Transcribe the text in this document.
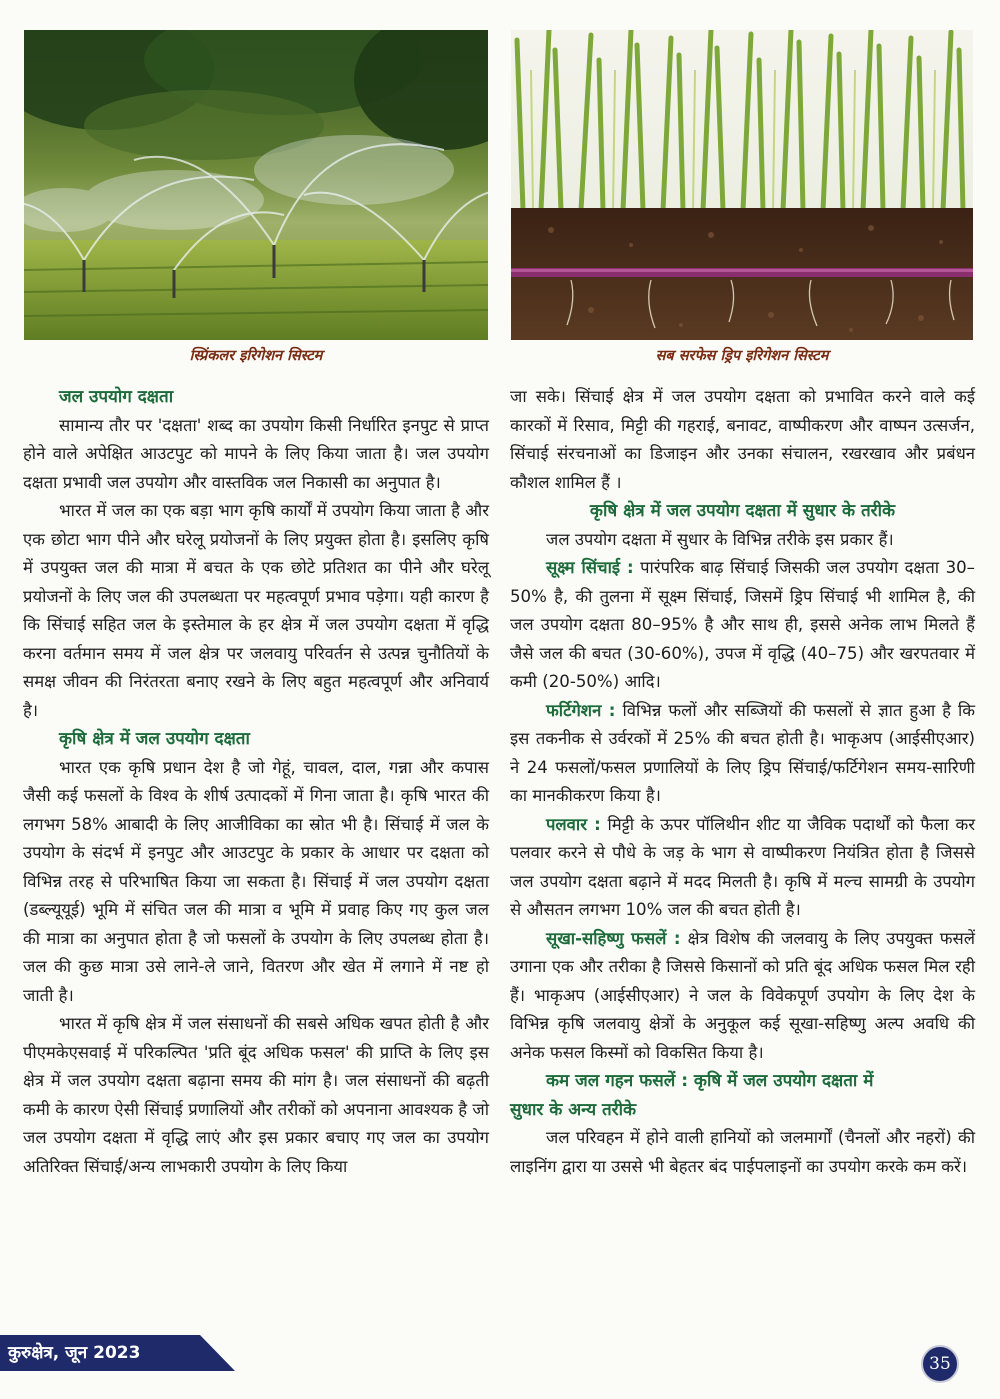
स्प्रिंकलर इरिगेशन सिस्टम	सब सरफेस ड्रिप इरिगेशन सिस्टम
जल उपयोग दक्षता

सामान्य तौर पर 'दक्षता' शब्द का उपयोग किसी निर्धारित इनपुट से प्राप्त होने वाले अपेक्षित आउटपुट को मापने के लिए किया जाता है। जल उपयोग दक्षता प्रभावी जल उपयोग और वास्तविक जल निकासी का अनुपात है।

भारत में जल का एक बड़ा भाग कृषि कार्यों में उपयोग किया जाता है और एक छोटा भाग पीने और घरेलू प्रयोजनों के लिए प्रयुक्त होता है। इसलिए कृषि में उपयुक्त जल की मात्रा में बचत के एक छोटे प्रतिशत का पीने और घरेलू प्रयोजनों के लिए जल की उपलब्धता पर महत्वपूर्ण प्रभाव पड़ेगा। यही कारण है कि सिंचाई सहित जल के इस्तेमाल के हर क्षेत्र में जल उपयोग दक्षता में वृद्धि करना वर्तमान समय में जल क्षेत्र पर जलवायु परिवर्तन से उत्पन्न चुनौतियों के समक्ष जीवन की निरंतरता बनाए रखने के लिए बहुत महत्वपूर्ण और अनिवार्य है।

कृषि क्षेत्र में जल उपयोग दक्षता

भारत एक कृषि प्रधान देश है जो गेहूं, चावल, दाल, गन्ना और कपास जैसी कई फसलों के विश्व के शीर्ष उत्पादकों में गिना जाता है। कृषि भारत की लगभग 58% आबादी के लिए आजीविका का स्रोत भी है। सिंचाई में जल के उपयोग के संदर्भ में इनपुट और आउटपुट के प्रकार के आधार पर दक्षता को विभिन्न तरह से परिभाषित किया जा सकता है। सिंचाई में जल उपयोग दक्षता (डब्ल्यूयूई) भूमि में संचित जल की मात्रा व भूमि में प्रवाह किए गए कुल जल की मात्रा का अनुपात होता है जो फसलों के उपयोग के लिए उपलब्ध होता है। जल की कुछ मात्रा उसे लाने-ले जाने, वितरण और खेत में लगाने में नष्ट हो जाती है।

भारत में कृषि क्षेत्र में जल संसाधनों की सबसे अधिक खपत होती है और पीएमकेएसवाई में परिकल्पित 'प्रति बूंद अधिक फसल' की प्राप्ति के लिए इस क्षेत्र में जल उपयोग दक्षता बढ़ाना समय की मांग है। जल संसाधनों की बढ़ती कमी के कारण ऐसी सिंचाई प्रणालियों और तरीकों को अपनाना आवश्यक है जो जल उपयोग दक्षता में वृद्धि लाएं और इस प्रकार बचाए गए जल का उपयोग अतिरिक्त सिंचाई/अन्य लाभकारी उपयोग के लिए किया

जा सके। सिंचाई क्षेत्र में जल उपयोग दक्षता को प्रभावित करने वाले कई कारकों में रिसाव, मिट्टी की गहराई, बनावट, वाष्पीकरण और वाष्पन उत्सर्जन, सिंचाई संरचनाओं का डिजाइन और उनका संचालन, रखरखाव और प्रबंधन कौशल शामिल हैं ।

कृषि क्षेत्र में जल उपयोग दक्षता में सुधार के तरीके

जल उपयोग दक्षता में सुधार के विभिन्न तरीके इस प्रकार हैं।

सूक्ष्म सिंचाई : पारंपरिक बाढ़ सिंचाई जिसकी जल उपयोग दक्षता 30–50% है, की तुलना में सूक्ष्म सिंचाई, जिसमें ड्रिप सिंचाई भी शामिल है, की जल उपयोग दक्षता 80–95% है और साथ ही, इससे अनेक लाभ मिलते हैं जैसे जल की बचत (30-60%), उपज में वृद्धि (40–75) और खरपतवार में कमी (20-50%) आदि।

फर्टिगेशन : विभिन्न फलों और सब्जियों की फसलों से ज्ञात हुआ है कि इस तकनीक से उर्वरकों में 25% की बचत होती है। भाकृअप (आईसीएआर) ने 24 फसलों/फसल प्रणालियों के लिए ड्रिप सिंचाई/फर्टिगेशन समय-सारिणी का मानकीकरण किया है।

पलवार : मिट्टी के ऊपर पॉलिथीन शीट या जैविक पदार्थों को फैला कर पलवार करने से पौधे के जड़ के भाग से वाष्पीकरण नियंत्रित होता है जिससे जल उपयोग दक्षता बढ़ाने में मदद मिलती है। कृषि में मल्च सामग्री के उपयोग से औसतन लगभग 10% जल की बचत होती है।

सूखा-सहिष्णु फसलें : क्षेत्र विशेष की जलवायु के लिए उपयुक्त फसलें उगाना एक और तरीका है जिससे किसानों को प्रति बूंद अधिक फसल मिल रही हैं। भाकृअप (आईसीएआर) ने जल के विवेकपूर्ण उपयोग के लिए देश के विभिन्न कृषि जलवायु क्षेत्रों के अनुकूल कई सूखा-सहिष्णु अल्प अवधि की अनेक फसल किस्मों को विकसित किया है।

कम जल गहन फसलें : कृषि में जल उपयोग दक्षता में
सुधार के अन्य तरीके

जल परिवहन में होने वाली हानियों को जलमार्गों (चैनलों और नहरों) की लाइनिंग द्वारा या उससे भी बेहतर बंद पाईपलाइनों का उपयोग करके कम करें।

कुरुक्षेत्र, जून 2023
35
